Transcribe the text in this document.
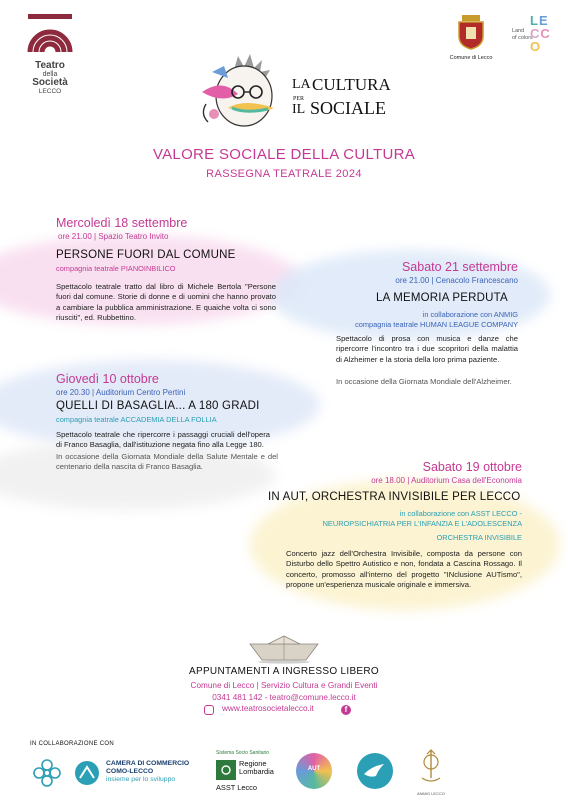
Teatro
della
Società
LECCO
Comune di Lecco
Land
of colors
LE
CC
O
LA CULTURA
PER
IL SOCIALE
VALORE SOCIALE DELLA CULTURA
RASSEGNA TEATRALE 2024
Mercoledì 18 settembre
ore 21.00 | Spazio Teatro Invito
PERSONE FUORI DAL COMUNE
compagnia teatrale PIANOINBILICO
Spettacolo teatrale tratto dal libro di Michele Bertola "Persone fuori dal comune. Storie di donne e di uomini che hanno provato a cambiare la pubblica amministrazione. E quaiche volta ci sono riusciti", ed. Rubbettino.
Sabato 21 settembre
ore 21.00 | Cenacolo Francescano
LA MEMORIA PERDUTA
in collaborazione con ANMIG
compagnia teatrale HUMAN LEAGUE COMPANY
Spettacolo di prosa con musica e danze che ripercorre l'incontro tra i due scopritori della malattia di Alzheimer e la storia della loro prima paziente.
In occasione della Giornata Mondiale dell'Alzheimer.
Giovedì 10 ottobre
ore 20.30 | Auditorium Centro Pertini
QUELLI DI BASAGLIA... A 180 GRADI
compagnia teatrale ACCADEMIA DELLA FOLLIA
Spettacolo teatrale che ripercorre i passaggi cruciali dell'opera di Franco Basaglia, dall'istituzione negata fino alla Legge 180.
In occasione della Giornata Mondiale della Salute Mentale e del centenario della nascita di Franco Basaglia.	Sabato 19 ottobre
ore 18.00 | Auditorium Casa dell'Economia
IN AUT, ORCHESTRA INVISIBILE PER LECCO
in collaborazione con ASST LECCO -
NEUROPSICHIATRIA PER L'INFANZIA E L'ADOLESCENZA
ORCHESTRA INVISIBILE
Concerto jazz dell'Orchestra Invisibile, composta da persone con Disturbo dello Spettro Autistico e non, fondata a Cascina Rossago. Il concerto, promosso all'interno del progetto "INclusione AUTismo", propone un'esperienza musicale originale e immersiva.
APPUNTAMENTI A INGRESSO LIBERO
Comune di Lecco | Servizio Cultura e Grandi Eventi
0341 481 142 - teatro@comune.lecco.it
www.teatrosocietalecco.it	f
IN COLLABORAZIONE CON
CAMERA DI COMMERCIO
COMO-LECCO
insieme per lo sviluppo
Sistema Socio Sanitario
Regione
Lombardia
ASST Lecco
AUT
ANMIG LECCO
